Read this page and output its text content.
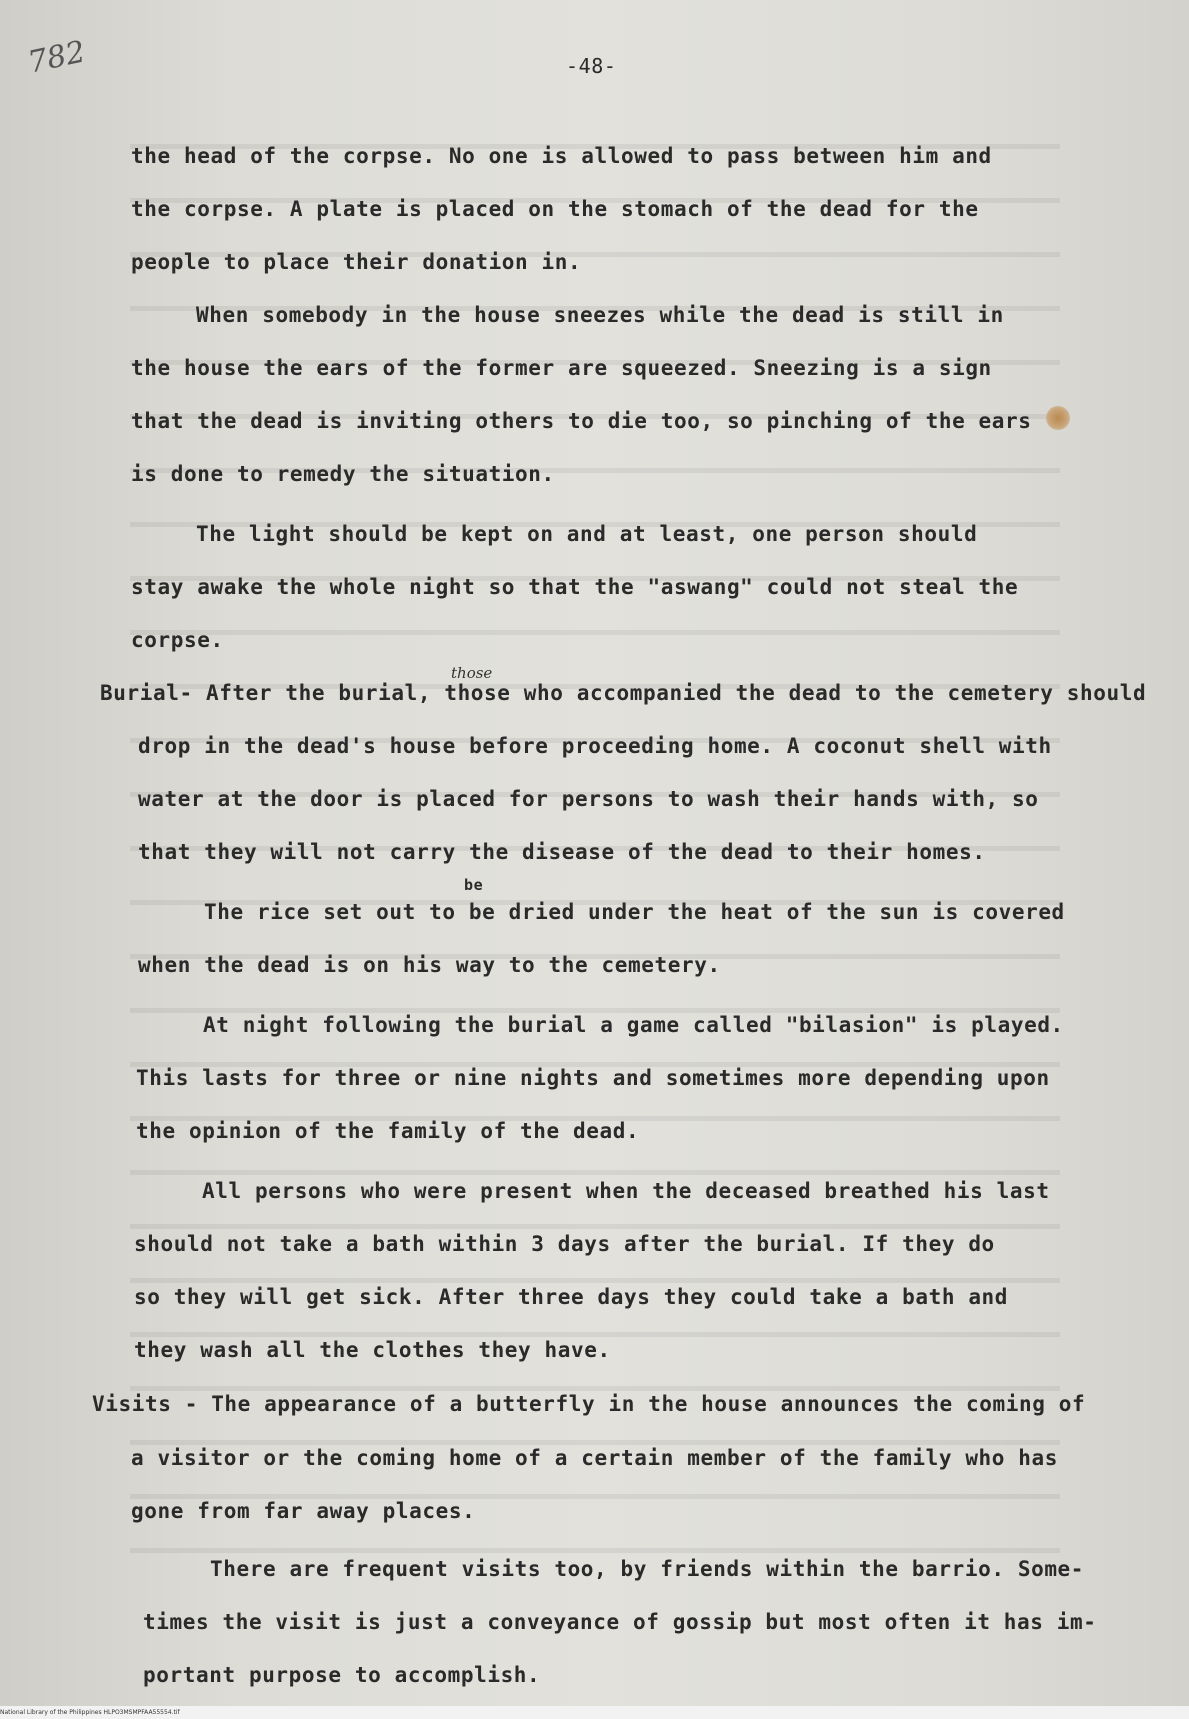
782	-48-
the head of the corpse. No one is allowed to pass between him and
the corpse. A plate is placed on the stomach of the dead for the
people to place their donation in.
When somebody in the house sneezes while the dead is still in
the house the ears of the former are squeezed. Sneezing is a sign
that the dead is inviting others to die too, so pinching of the ears
is done to remedy the situation.
The light should be kept on and at least, one person should
stay awake the whole night so that the "aswang" could not steal the
corpse.
those
Burial- After the burial, those who accompanied the dead to the cemetery should
drop in the dead's house before proceeding home. A coconut shell with
water at the door is placed for persons to wash their hands with, so
that they will not carry the disease of the dead to their homes.
be
The rice set out to be dried under the heat of the sun is covered
when the dead is on his way to the cemetery.
At night following the burial a game called "bilasion" is played.
This lasts for three or nine nights and sometimes more depending upon
the opinion of the family of the dead.
All persons who were present when the deceased breathed his last
should not take a bath within 3 days after the burial. If they do
so they will get sick. After three days they could take a bath and
they wash all the clothes they have.
Visits - The appearance of a butterfly in the house announces the coming of
a visitor or the coming home of a certain member of the family who has
gone from far away places.
There are frequent visits too, by friends within the barrio. Some-
times the visit is just a conveyance of gossip but most often it has im-
portant purpose to accomplish.
National Library of the Philippines HLPO3MSMPFAA55554.tif
